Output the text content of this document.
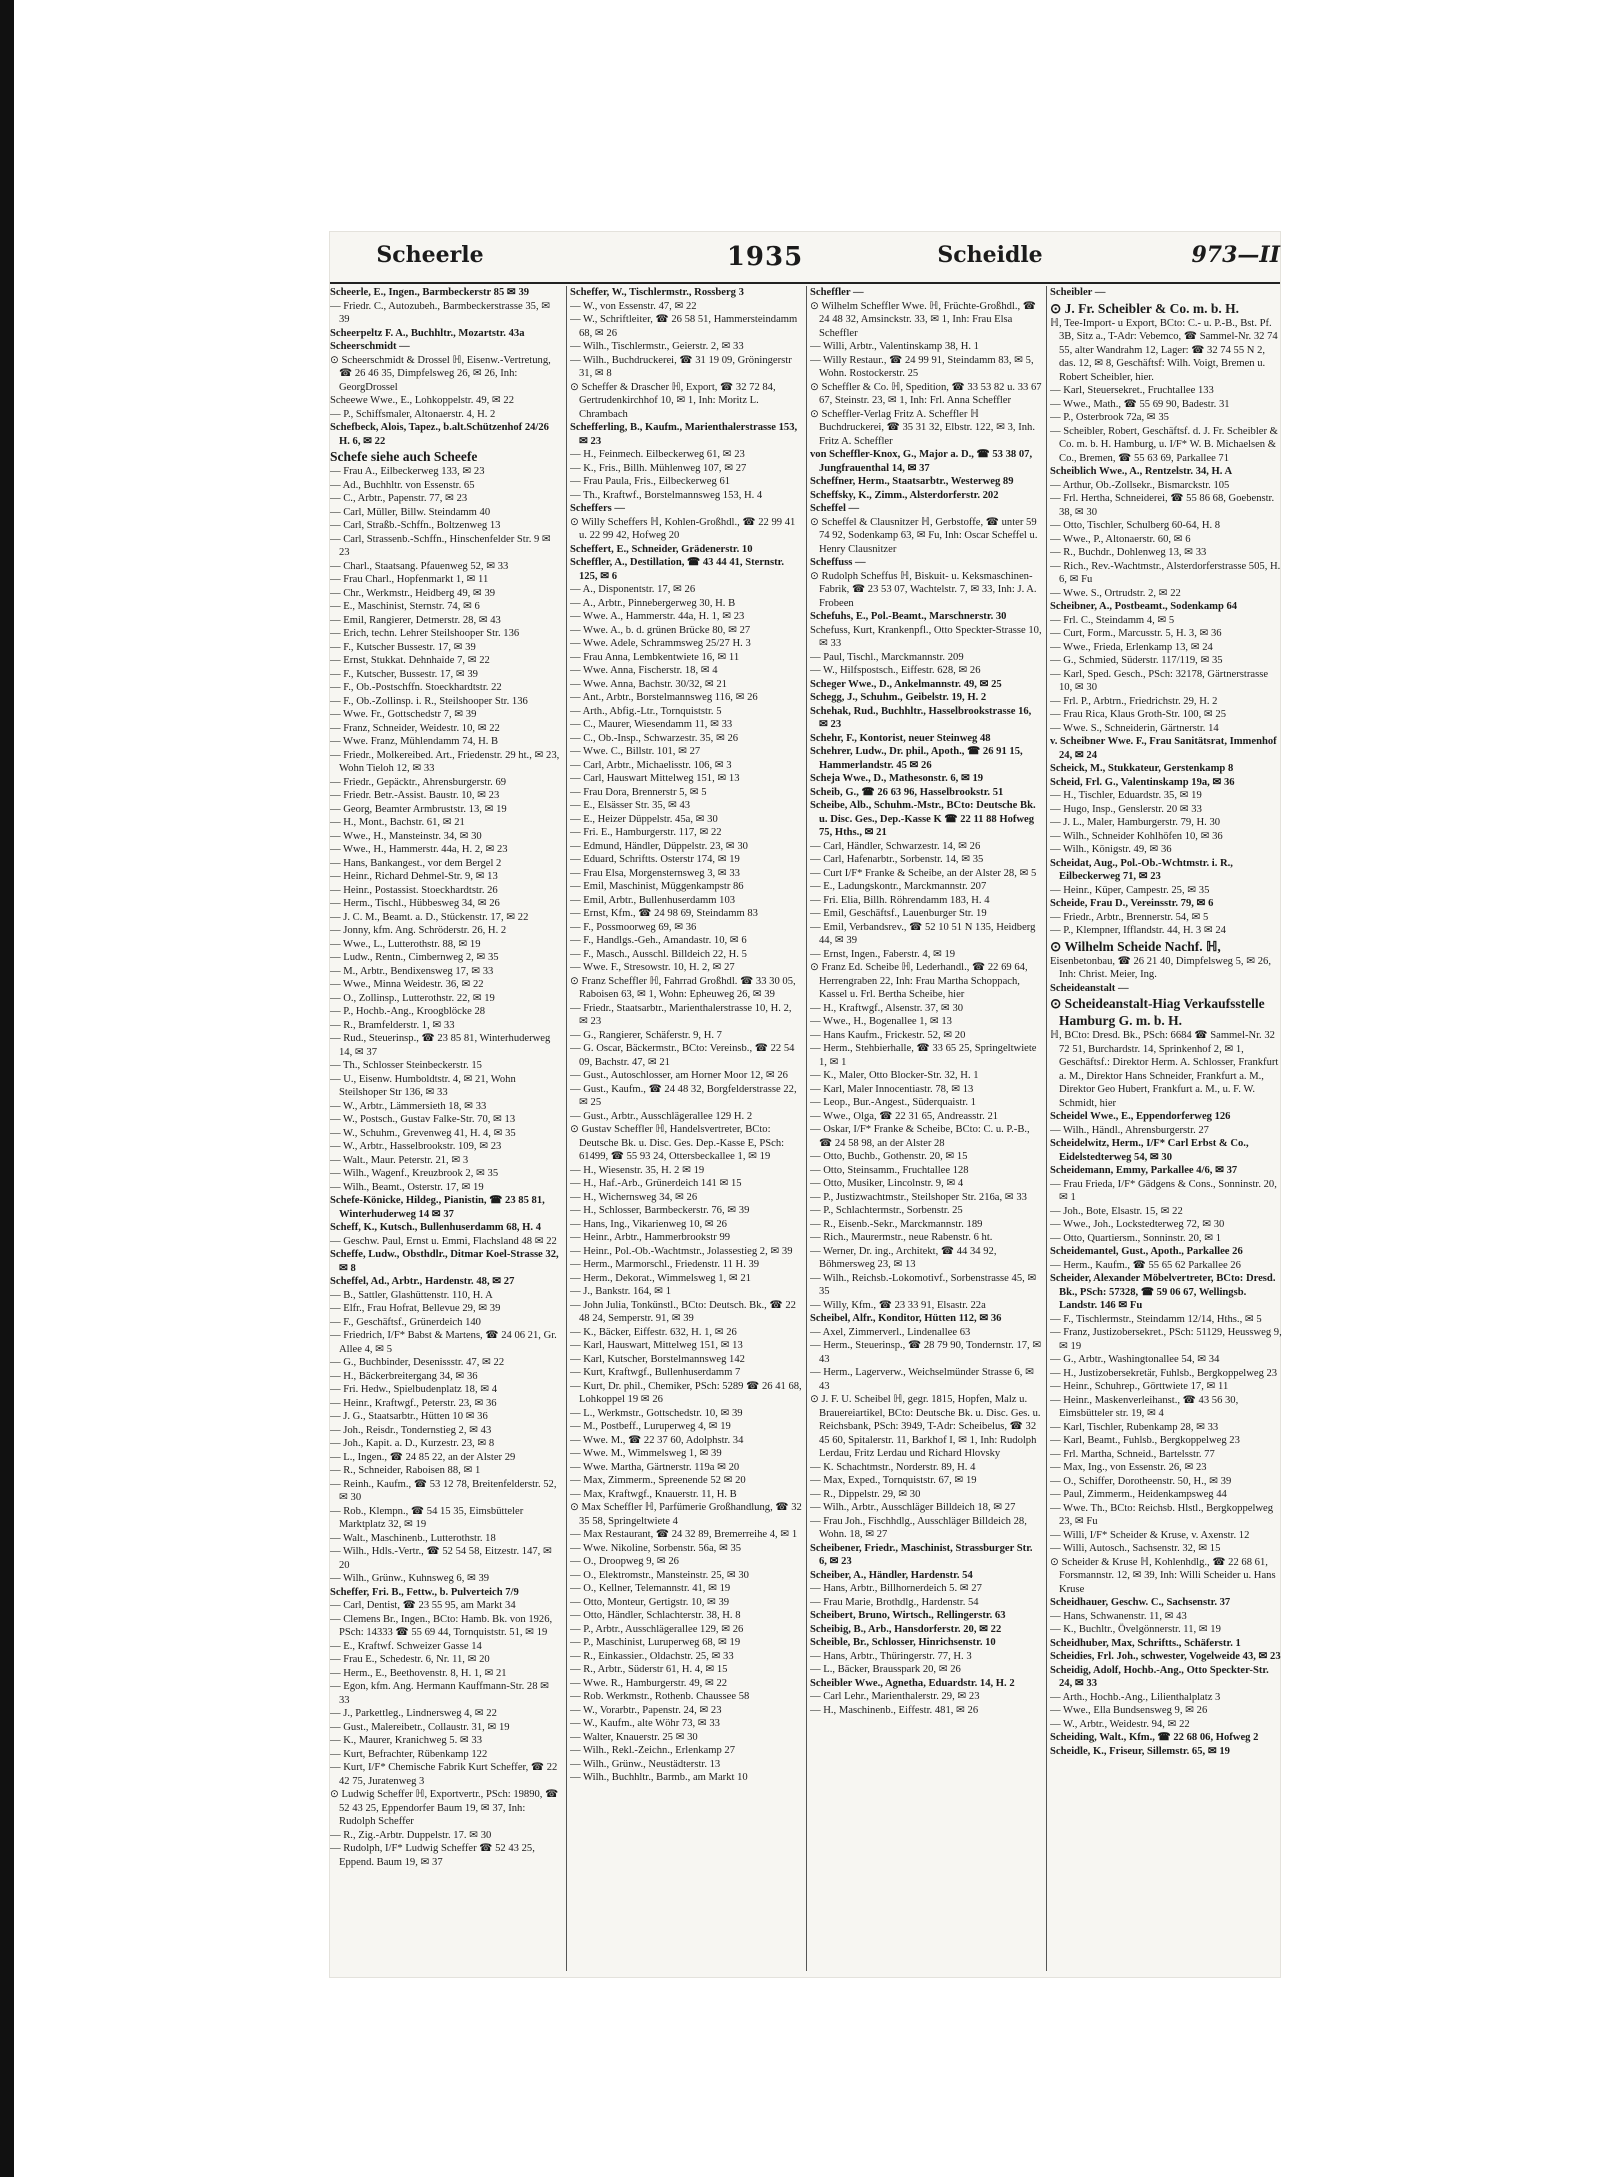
Scheerle	1935	Scheidle	973—II
Scheerle, E., Ingen., Barmbeckerstr 85 ✉ 39
— Friedr. C., Autozubeh., Barmbeckerstrasse 35, ✉ 39
Scheerpeltz F. A., Buchhltr., Mozartstr. 43a
Scheerschmidt —
⊙ Scheerschmidt & Drossel ℍ, Eisenw.-Vertretung, ☎ 26 46 35, Dimpfelsweg 26, ✉ 26, Inh: GeorgDrossel
Scheewe Wwe., E., Lohkoppelstr. 49, ✉ 22
— P., Schiffsmaler, Altonaerstr. 4, H. 2
Schefbeck, Alois, Tapez., b.alt.Schützenhof 24/26 H. 6, ✉ 22
Schefe siehe auch Scheefe
— Frau A., Eilbeckerweg 133, ✉ 23
— Ad., Buchhltr. von Essenstr. 65
— C., Arbtr., Papenstr. 77, ✉ 23
— Carl, Müller, Billw. Steindamm 40
— Carl, Straßb.-Schffn., Boltzenweg 13
— Carl, Strassenb.-Schffn., Hinschenfelder Str. 9 ✉ 23
— Charl., Staatsang. Pfauenweg 52, ✉ 33
— Frau Charl., Hopfenmarkt 1, ✉ 11
— Chr., Werkmstr., Heidberg 49, ✉ 39
— E., Maschinist, Sternstr. 74, ✉ 6
— Emil, Rangierer, Detmerstr. 28, ✉ 43
— Erich, techn. Lehrer Steilshooper Str. 136
— F., Kutscher Bussestr. 17, ✉ 39
— Ernst, Stukkat. Dehnhaide 7, ✉ 22
— F., Kutscher, Bussestr. 17, ✉ 39
— F., Ob.-Postschffn. Stoeckhardtstr. 22
— F., Ob.-Zollinsp. i. R., Steilshooper Str. 136
— Wwe. Fr., Gottschedstr 7, ✉ 39
— Franz, Schneider, Weidestr. 10, ✉ 22
— Wwe. Franz, Mühlendamm 74, H. B
— Friedr., Molkereibed. Art., Friedenstr. 29 ht., ✉ 23, Wohn Tieloh 12, ✉ 33
— Friedr., Gepäcktr., Ahrensburgerstr. 69
— Friedr. Betr.-Assist. Baustr. 10, ✉ 23
— Georg, Beamter Armbruststr. 13, ✉ 19
— H., Mont., Bachstr. 61, ✉ 21
— Wwe., H., Mansteinstr. 34, ✉ 30
— Wwe., H., Hammerstr. 44a, H. 2, ✉ 23
— Hans, Bankangest., vor dem Bergel 2
— Heinr., Richard Dehmel-Str. 9, ✉ 13
— Heinr., Postassist. Stoeckhardtstr. 26
— Herm., Tischl., Hübbesweg 34, ✉ 26
— J. C. M., Beamt. a. D., Stückenstr. 17, ✉ 22
— Jonny, kfm. Ang. Schröderstr. 26, H. 2
— Wwe., L., Lutterothstr. 88, ✉ 19
— Ludw., Rentn., Cimbernweg 2, ✉ 35
— M., Arbtr., Bendixensweg 17, ✉ 33
— Wwe., Minna Weidestr. 36, ✉ 22
— O., Zollinsp., Lutterothstr. 22, ✉ 19
— P., Hochb.-Ang., Kroogblöcke 28
— R., Bramfelderstr. 1, ✉ 33
— Rud., Steuerinsp., ☎ 23 85 81, Winterhuderweg 14, ✉ 37
— Th., Schlosser Steinbeckerstr. 15
— U., Eisenw. Humboldtstr. 4, ✉ 21, Wohn Steilshoper Str 136, ✉ 33
— W., Arbtr., Lämmersieth 18, ✉ 33
— W., Postsch., Gustav Falke-Str. 70, ✉ 13
— W., Schuhm., Grevenweg 41, H. 4, ✉ 35
— W., Arbtr., Hasselbrookstr. 109, ✉ 23
— Walt., Maur. Peterstr. 21, ✉ 3
— Wilh., Wagenf., Kreuzbrook 2, ✉ 35
— Wilh., Beamt., Osterstr. 17, ✉ 19
Schefe-Könicke, Hildeg., Pianistin, ☎ 23 85 81, Winterhuderweg 14 ✉ 37
Scheff, K., Kutsch., Bullenhuserdamm 68, H. 4
— Geschw. Paul, Ernst u. Emmi, Flachsland 48 ✉ 22
Scheffe, Ludw., Obsthdlr., Ditmar Koel-Strasse 32, ✉ 8
Scheffel, Ad., Arbtr., Hardenstr. 48, ✉ 27
— B., Sattler, Glashüttenstr. 110, H. A
— Elfr., Frau Hofrat, Bellevue 29, ✉ 39
— F., Geschäftsf., Grünerdeich 140
— Friedrich, I/F* Babst & Martens, ☎ 24 06 21, Gr. Allee 4, ✉ 5
— G., Buchbinder, Desenissstr. 47, ✉ 22
— H., Bäckerbreitergang 34, ✉ 36
— Fri. Hedw., Spielbudenplatz 18, ✉ 4
— Heinr., Kraftwgf., Peterstr. 23, ✉ 36
— J. G., Staatsarbtr., Hütten 10 ✉ 36
— Joh., Reisdr., Tondernstieg 2, ✉ 43
— Joh., Kapit. a. D., Kurzestr. 23, ✉ 8
— L., Ingen., ☎ 24 85 22, an der Alster 29
— R., Schneider, Raboisen 88, ✉ 1
— Reinh., Kaufm., ☎ 53 12 78, Breitenfelderstr. 52, ✉ 30
— Rob., Klempn., ☎ 54 15 35, Eimsbütteler Marktplatz 32, ✉ 19
— Walt., Maschinenb., Lutterothstr. 18
— Wilh., Hdls.-Vertr., ☎ 52 54 58, Eitzestr. 147, ✉ 20
— Wilh., Grünw., Kuhnsweg 6, ✉ 39
Scheffer, Fri. B., Fettw., b. Pulverteich 7/9
— Carl, Dentist, ☎ 23 55 95, am Markt 34
— Clemens Br., Ingen., BCto: Hamb. Bk. von 1926, PSch: 14333 ☎ 55 69 44, Tornquiststr. 51, ✉ 19
— E., Kraftwf. Schweizer Gasse 14
— Frau E., Schedestr. 6, Nr. 11, ✉ 20
— Herm., E., Beethovenstr. 8, H. 1, ✉ 21
— Egon, kfm. Ang. Hermann Kauffmann-Str. 28 ✉ 33
— J., Parkettleg., Lindnersweg 4, ✉ 22
— Gust., Malereibetr., Collaustr. 31, ✉ 19
— K., Maurer, Kranichweg 5. ✉ 33
— Kurt, Befrachter, Rübenkamp 122
— Kurt, I/F* Chemische Fabrik Kurt Scheffer, ☎ 22 42 75, Juratenweg 3
⊙ Ludwig Scheffer ℍ, Exportvertr., PSch: 19890, ☎ 52 43 25, Eppendorfer Baum 19, ✉ 37, Inh: Rudolph Scheffer
— R., Zig.-Arbtr. Duppelstr. 17. ✉ 30
— Rudolph, I/F* Ludwig Scheffer ☎ 52 43 25, Eppend. Baum 19, ✉ 37
Scheffer, W., Tischlermstr., Rossberg 3
— W., von Essenstr. 47, ✉ 22
— W., Schriftleiter, ☎ 26 58 51, Hammersteindamm 68, ✉ 26
— Wilh., Tischlermstr., Geierstr. 2, ✉ 33
— Wilh., Buchdruckerei, ☎ 31 19 09, Gröningerstr 31, ✉ 8
⊙ Scheffer & Drascher ℍ, Export, ☎ 32 72 84, Gertrudenkirchhof 10, ✉ 1, Inh: Moritz L. Chrambach
Schefferling, B., Kaufm., Marienthalerstrasse 153, ✉ 23
— H., Feinmech. Eilbeckerweg 61, ✉ 23
— K., Fris., Billh. Mühlenweg 107, ✉ 27
— Frau Paula, Fris., Eilbeckerweg 61
— Th., Kraftwf., Borstelmannsweg 153, H. 4
Scheffers —
⊙ Willy Scheffers ℍ, Kohlen-Großhdl., ☎ 22 99 41 u. 22 99 42, Hofweg 20
Scheffert, E., Schneider, Grädenerstr. 10
Scheffler, A., Destillation, ☎ 43 44 41, Sternstr. 125, ✉ 6
— A., Disponentstr. 17, ✉ 26
— A., Arbtr., Pinnebergerweg 30, H. B
— Wwe. A., Hammerstr. 44a, H. 1, ✉ 23
— Wwe. A., b. d. grünen Brücke 80, ✉ 27
— Wwe. Adele, Schrammsweg 25/27 H. 3
— Frau Anna, Lembkentwiete 16, ✉ 11
— Wwe. Anna, Fischerstr. 18, ✉ 4
— Wwe. Anna, Bachstr. 30/32, ✉ 21
— Ant., Arbtr., Borstelmannsweg 116, ✉ 26
— Arth., Abfig.-Ltr., Tornquiststr. 5
— C., Maurer, Wiesendamm 11, ✉ 33
— C., Ob.-Insp., Schwarzestr. 35, ✉ 26
— Wwe. C., Billstr. 101, ✉ 27
— Carl, Arbtr., Michaelisstr. 106, ✉ 3
— Carl, Hauswart Mittelweg 151, ✉ 13
— Frau Dora, Brennerstr 5, ✉ 5
— E., Elsässer Str. 35, ✉ 43
— E., Heizer Düppelstr. 45a, ✉ 30
— Fri. E., Hamburgerstr. 117, ✉ 22
— Edmund, Händler, Düppelstr. 23, ✉ 30
— Eduard, Schriftts. Osterstr 174, ✉ 19
— Frau Elsa, Morgensternsweg 3, ✉ 33
— Emil, Maschinist, Müggenkampstr 86
— Emil, Arbtr., Bullenhuserdamm 103
— Ernst, Kfm., ☎ 24 98 69, Steindamm 83
— F., Possmoorweg 69, ✉ 36
— F., Handlgs.-Geh., Amandastr. 10, ✉ 6
— F., Masch., Ausschl. Billdeich 22, H. 5
— Wwe. F., Stresowstr. 10, H. 2, ✉ 27
⊙ Franz Scheffler ℍ, Fahrrad Großhdl. ☎ 33 30 05, Raboisen 63, ✉ 1, Wohn: Epheuweg 26, ✉ 39
— Friedr., Staatsarbtr., Marienthalerstrasse 10, H. 2, ✉ 23
— G., Rangierer, Schäferstr. 9, H. 7
— G. Oscar, Bäckermstr., BCto: Vereinsb., ☎ 22 54 09, Bachstr. 47, ✉ 21
— Gust., Autoschlosser, am Horner Moor 12, ✉ 26
— Gust., Kaufm., ☎ 24 48 32, Borgfelderstrasse 22, ✉ 25
— Gust., Arbtr., Ausschlägerallee 129 H. 2
⊙ Gustav Scheffler ℍ, Handelsvertreter, BCto: Deutsche Bk. u. Disc. Ges. Dep.-Kasse E, PSch: 61499, ☎ 55 93 24, Ottersbeckallee 1, ✉ 19
— H., Wiesenstr. 35, H. 2 ✉ 19
— H., Haf.-Arb., Grünerdeich 141 ✉ 15
— H., Wichernsweg 34, ✉ 26
— H., Schlosser, Barmbeckerstr. 76, ✉ 39
— Hans, Ing., Vikarienweg 10, ✉ 26
— Heinr., Arbtr., Hammerbrookstr 99
— Heinr., Pol.-Ob.-Wachtmstr., Jolassestieg 2, ✉ 39
— Herm., Marmorschl., Friedenstr. 11 H. 39
— Herm., Dekorat., Wimmelsweg 1, ✉ 21
— J., Bankstr. 164, ✉ 1
— John Julia, Tonkünstl., BCto: Deutsch. Bk., ☎ 22 48 24, Semperstr. 91, ✉ 39
— K., Bäcker, Eiffestr. 632, H. 1, ✉ 26
— Karl, Hauswart, Mittelweg 151, ✉ 13
— Karl, Kutscher, Borstelmannsweg 142
— Kurt, Kraftwgf., Bullenhuserdamm 7
— Kurt, Dr. phil., Chemiker, PSch: 5289 ☎ 26 41 68, Lohkoppel 19 ✉ 26
— L., Werkmstr., Gottschedstr. 10, ✉ 39
— M., Postbeff., Luruperweg 4, ✉ 19
— Wwe. M., ☎ 22 37 60, Adolphstr. 34
— Wwe. M., Wimmelsweg 1, ✉ 39
— Wwe. Martha, Gärtnerstr. 119a ✉ 20
— Max, Zimmerm., Spreenende 52 ✉ 20
— Max, Kraftwgf., Knauerstr. 11, H. B
⊙ Max Scheffler ℍ, Parfümerie Großhandlung, ☎ 32 35 58, Springeltwiete 4
— Max Restaurant, ☎ 24 32 89, Bremerreihe 4, ✉ 1
— Wwe. Nikoline, Sorbenstr. 56a, ✉ 35
— O., Droopweg 9, ✉ 26
— O., Elektromstr., Mansteinstr. 25, ✉ 30
— O., Kellner, Telemannstr. 41, ✉ 19
— Otto, Monteur, Gertigstr. 10, ✉ 39
— Otto, Händler, Schlachterstr. 38, H. 8
— P., Arbtr., Ausschlägerallee 129, ✉ 26
— P., Maschinist, Luruperweg 68, ✉ 19
— R., Einkassier., Oldachstr. 25, ✉ 33
— R., Arbtr., Süderstr 61, H. 4, ✉ 15
— Wwe. R., Hamburgerstr. 49, ✉ 22
— Rob. Werkmstr., Rothenb. Chaussee 58
— W., Vorarbtr., Papenstr. 24, ✉ 23
— W., Kaufm., alte Wöhr 73, ✉ 33
— Walter, Knauerstr. 25 ✉ 30
— Wilh., Rekl.-Zeichn., Erlenkamp 27
— Wilh., Grünw., Neustädterstr. 13
— Wilh., Buchhltr., Barmb., am Markt 10
Scheffler —
⊙ Wilhelm Scheffler Wwe. ℍ, Früchte-Großhdl., ☎ 24 48 32, Amsinckstr. 33, ✉ 1, Inh: Frau Elsa Scheffler
— Willi, Arbtr., Valentinskamp 38, H. 1
— Willy Restaur., ☎ 24 99 91, Steindamm 83, ✉ 5, Wohn. Rostockerstr. 25
⊙ Scheffler & Co. ℍ, Spedition, ☎ 33 53 82 u. 33 67 67, Steinstr. 23, ✉ 1, Inh: Frl. Anna Scheffler
⊙ Scheffler-Verlag Fritz A. Scheffler ℍ Buchdruckerei, ☎ 35 31 32, Elbstr. 122, ✉ 3, Inh. Fritz A. Scheffler
von Scheffler-Knox, G., Major a. D., ☎ 53 38 07, Jungfrauenthal 14, ✉ 37
Scheffner, Herm., Staatsarbtr., Westerweg 89
Scheffsky, K., Zimm., Alsterdorferstr. 202
Scheffel —
⊙ Scheffel & Clausnitzer ℍ, Gerbstoffe, ☎ unter 59 74 92, Sodenkamp 63, ✉ Fu, Inh: Oscar Scheffel u. Henry Clausnitzer
Scheffuss —
⊙ Rudolph Scheffus ℍ, Biskuit- u. Keksmaschinen-Fabrik, ☎ 23 53 07, Wachtelstr. 7, ✉ 33, Inh: J. A. Frobeen
Schefuhs, E., Pol.-Beamt., Marschnerstr. 30
Schefuss, Kurt, Krankenpfl., Otto Speckter-Strasse 10, ✉ 33
— Paul, Tischl., Marckmannstr. 209
— W., Hilfspostsch., Eiffestr. 628, ✉ 26
Scheger Wwe., D., Ankelmannstr. 49, ✉ 25
Schegg, J., Schuhm., Geibelstr. 19, H. 2
Schehak, Rud., Buchhltr., Hasselbrookstrasse 16, ✉ 23
Schehr, F., Kontorist, neuer Steinweg 48
Schehrer, Ludw., Dr. phil., Apoth., ☎ 26 91 15, Hammerlandstr. 45 ✉ 26
Scheja Wwe., D., Mathesonstr. 6, ✉ 19
Scheib, G., ☎ 26 63 96, Hasselbrookstr. 51
Scheibe, Alb., Schuhm.-Mstr., BCto: Deutsche Bk. u. Disc. Ges., Dep.-Kasse K ☎ 22 11 88 Hofweg 75, Hths., ✉ 21
— Carl, Händler, Schwarzestr. 14, ✉ 26
— Carl, Hafenarbtr., Sorbenstr. 14, ✉ 35
— Curt I/F* Franke & Scheibe, an der Alster 28, ✉ 5
— E., Ladungskontr., Marckmannstr. 207
— Fri. Elia, Billh. Röhrendamm 183, H. 4
— Emil, Geschäftsf., Lauenburger Str. 19
— Emil, Verbandsrev., ☎ 52 10 51 N 135, Heidberg 44, ✉ 39
— Ernst, Ingen., Faberstr. 4, ✉ 19
⊙ Franz Ed. Scheibe ℍ, Lederhandl., ☎ 22 69 64, Herrengraben 22, Inh: Frau Martha Schoppach, Kassel u. Frl. Bertha Scheibe, hier
— H., Kraftwgf., Alsenstr. 37, ✉ 30
— Wwe., H., Bogenallee 1, ✉ 13
— Hans Kaufm., Frickestr. 52, ✉ 20
— Herm., Stehbierhalle, ☎ 33 65 25, Springeltwiete 1, ✉ 1
— K., Maler, Otto Blocker-Str. 32, H. 1
— Karl, Maler Innocentiastr. 78, ✉ 13
— Leop., Bur.-Angest., Süderquaistr. 1
— Wwe., Olga, ☎ 22 31 65, Andreasstr. 21
— Oskar, I/F* Franke & Scheibe, BCto: C. u. P.-B., ☎ 24 58 98, an der Alster 28
— Otto, Buchb., Gothenstr. 20, ✉ 15
— Otto, Steinsamm., Fruchtallee 128
— Otto, Musiker, Lincolnstr. 9, ✉ 4
— P., Justizwachtmstr., Steilshoper Str. 216a, ✉ 33
— P., Schlachtermstr., Sorbenstr. 25
— R., Eisenb.-Sekr., Marckmannstr. 189
— Rich., Maurermstr., neue Rabenstr. 6 ht.
— Werner, Dr. ing., Architekt, ☎ 44 34 92, Böhmersweg 23, ✉ 13
— Wilh., Reichsb.-Lokomotivf., Sorbenstrasse 45, ✉ 35
— Willy, Kfm., ☎ 23 33 91, Elsastr. 22a
Scheibel, Alfr., Konditor, Hütten 112, ✉ 36
— Axel, Zimmerverl., Lindenallee 63
— Herm., Steuerinsp., ☎ 28 79 90, Tondernstr. 17, ✉ 43
— Herm., Lagerverw., Weichselmünder Strasse 6, ✉ 43
⊙ J. F. U. Scheibel ℍ, gegr. 1815, Hopfen, Malz u. Brauereiartikel, BCto: Deutsche Bk. u. Disc. Ges. u. Reichsbank, PSch: 3949, T-Adr: Scheibelus, ☎ 32 45 60, Spitalerstr. 11, Barkhof I, ✉ 1, Inh: Rudolph Lerdau, Fritz Lerdau und Richard Hlovsky
— K. Schachtmstr., Norderstr. 89, H. 4
— Max, Exped., Tornquiststr. 67, ✉ 19
— R., Dippelstr. 29, ✉ 30
— Wilh., Arbtr., Ausschläger Billdeich 18, ✉ 27
— Frau Joh., Fischhdlg., Ausschläger Billdeich 28, Wohn. 18, ✉ 27
Scheibener, Friedr., Maschinist, Strassburger Str. 6, ✉ 23
Scheiber, A., Händler, Hardenstr. 54
— Hans, Arbtr., Billhornerdeich 5. ✉ 27
— Frau Marie, Brothdlg., Hardenstr. 54
Scheibert, Bruno, Wirtsch., Rellingerstr. 63
Scheibig, B., Arb., Hansdorferstr. 20, ✉ 22
Scheible, Br., Schlosser, Hinrichsenstr. 10
— Hans, Arbtr., Thüringerstr. 77, H. 3
— L., Bäcker, Brausspark 20, ✉ 26
Scheibler Wwe., Agnetha, Eduardstr. 14, H. 2
— Carl Lehr., Marienthalerstr. 29, ✉ 23
— H., Maschinenb., Eiffestr. 481, ✉ 26
Scheibler —
⊙ J. Fr. Scheibler & Co. m. b. H.
ℍ, Tee-Import- u Export, BCto: C.- u. P.-B., Bst. Pf. 3B, Sitz a., T-Adr: Vebemco, ☎ Sammel-Nr. 32 74 55, alter Wandrahm 12, Lager: ☎ 32 74 55 N 2, das. 12, ✉ 8, Geschäftsf: Wilh. Voigt, Bremen u. Robert Scheibler, hier.
— Karl, Steuersekret., Fruchtallee 133
— Wwe., Math., ☎ 55 69 90, Badestr. 31
— P., Osterbrook 72a, ✉ 35
— Scheibler, Robert, Geschäftsf. d. J. Fr. Scheibler & Co. m. b. H. Hamburg, u. I/F* W. B. Michaelsen & Co., Bremen, ☎ 55 63 69, Parkallee 71
Scheiblich Wwe., A., Rentzelstr. 34, H. A
— Arthur, Ob.-Zollsekr., Bismarckstr. 105
— Frl. Hertha, Schneiderei, ☎ 55 86 68, Goebenstr. 38, ✉ 30
— Otto, Tischler, Schulberg 60-64, H. 8
— Wwe., P., Altonaerstr. 60, ✉ 6
— R., Buchdr., Dohlenweg 13, ✉ 33
— Rich., Rev.-Wachtmstr., Alsterdorferstrasse 505, H. 6, ✉ Fu
— Wwe. S., Ortrudstr. 2, ✉ 22
Scheibner, A., Postbeamt., Sodenkamp 64
— Frl. C., Steindamm 4, ✉ 5
— Curt, Form., Marcusstr. 5, H. 3, ✉ 36
— Wwe., Frieda, Erlenkamp 13, ✉ 24
— G., Schmied, Süderstr. 117/119, ✉ 35
— Karl, Sped. Gesch., PSch: 32178, Gärtnerstrasse 10, ✉ 30
— Frl. P., Arbtrn., Friedrichstr. 29, H. 2
— Frau Rica, Klaus Groth-Str. 100, ✉ 25
— Wwe. S., Schneiderin, Gärtnerstr. 14
v. Scheibner Wwe. F., Frau Sanitätsrat, Immenhof 24, ✉ 24
Scheick, M., Stukkateur, Gerstenkamp 8
Scheid, Frl. G., Valentinskamp 19a, ✉ 36
— H., Tischler, Eduardstr. 35, ✉ 19
— Hugo, Insp., Genslerstr. 20 ✉ 33
— J. L., Maler, Hamburgerstr. 79, H. 30
— Wilh., Schneider Kohlhöfen 10, ✉ 36
— Wilh., Königstr. 49, ✉ 36
Scheidat, Aug., Pol.-Ob.-Wchtmstr. i. R., Eilbeckerweg 71, ✉ 23
— Heinr., Küper, Campestr. 25, ✉ 35
Scheide, Frau D., Vereinsstr. 79, ✉ 6
— Friedr., Arbtr., Brennerstr. 54, ✉ 5
— P., Klempner, Ifflandstr. 44, H. 3 ✉ 24
⊙ Wilhelm Scheide Nachf. ℍ,
Eisenbetonbau, ☎ 26 21 40, Dimpfelsweg 5, ✉ 26, Inh: Christ. Meier, Ing.
Scheideanstalt —
⊙ Scheideanstalt-Hiag Verkaufsstelle Hamburg G. m. b. H.
ℍ, BCto: Dresd. Bk., PSch: 6684 ☎ Sammel-Nr. 32 72 51, Burchardstr. 14, Sprinkenhof 2, ✉ 1, Geschäftsf.: Direktor Herm. A. Schlosser, Frankfurt a. M., Direktor Hans Schneider, Frankfurt a. M., Direktor Geo Hubert, Frankfurt a. M., u. F. W. Schmidt, hier
Scheidel Wwe., E., Eppendorferweg 126
— Wilh., Händl., Ahrensburgerstr. 27
Scheidelwitz, Herm., I/F* Carl Erbst & Co., Eidelstedterweg 54, ✉ 30
Scheidemann, Emmy, Parkallee 4/6, ✉ 37
— Frau Frieda, I/F* Gädgens & Cons., Sonninstr. 20, ✉ 1
— Joh., Bote, Elsastr. 15, ✉ 22
— Wwe., Joh., Lockstedterweg 72, ✉ 30
— Otto, Quartiersm., Sonninstr. 20, ✉ 1
Scheidemantel, Gust., Apoth., Parkallee 26
— Herm., Kaufm., ☎ 55 65 62 Parkallee 26
Scheider, Alexander Möbelvertreter, BCto: Dresd. Bk., PSch: 57328, ☎ 59 06 67, Wellingsb. Landstr. 146 ✉ Fu
— F., Tischlermstr., Steindamm 12/14, Hths., ✉ 5
— Franz, Justizobersekret., PSch: 51129, Heussweg 9, ✉ 19
— G., Arbtr., Washingtonallee 54, ✉ 34
— H., Justizobersekretär, Fuhlsb., Bergkoppelweg 23
— Heinr., Schuhrep., Görttwiete 17, ✉ 11
— Heinr., Maskenverleihanst., ☎ 43 56 30, Eimsbütteler str. 19, ✉ 4
— Karl, Tischler, Rubenkamp 28, ✉ 33
— Karl, Beamt., Fuhlsb., Bergkoppelweg 23
— Frl. Martha, Schneid., Bartelsstr. 77
— Max, Ing., von Essenstr. 26, ✉ 23
— O., Schiffer, Dorotheenstr. 50, H., ✉ 39
— Paul, Zimmerm., Heidenkampsweg 44
— Wwe. Th., BCto: Reichsb. Hlstl., Bergkoppelweg 23, ✉ Fu
— Willi, I/F* Scheider & Kruse, v. Axenstr. 12
— Willi, Autosch., Sachsenstr. 32, ✉ 15
⊙ Scheider & Kruse ℍ, Kohlenhdlg., ☎ 22 68 61, Forsmannstr. 12, ✉ 39, Inh: Willi Scheider u. Hans Kruse
Scheidhauer, Geschw. C., Sachsenstr. 37
— Hans, Schwanenstr. 11, ✉ 43
— K., Buchltr., Övelgönnerstr. 11, ✉ 19
Scheidhuber, Max, Schriftts., Schäferstr. 1
Scheidies, Frl. Joh., schwester, Vogelweide 43, ✉ 23
Scheidig, Adolf, Hochb.-Ang., Otto Speckter-Str. 24, ✉ 33
— Arth., Hochb.-Ang., Lilienthalplatz 3
— Wwe., Ella Bundsensweg 9, ✉ 26
— W., Arbtr., Weidestr. 94, ✉ 22
Scheiding, Walt., Kfm., ☎ 22 68 06, Hofweg 2
Scheidle, K., Friseur, Sillemstr. 65, ✉ 19
